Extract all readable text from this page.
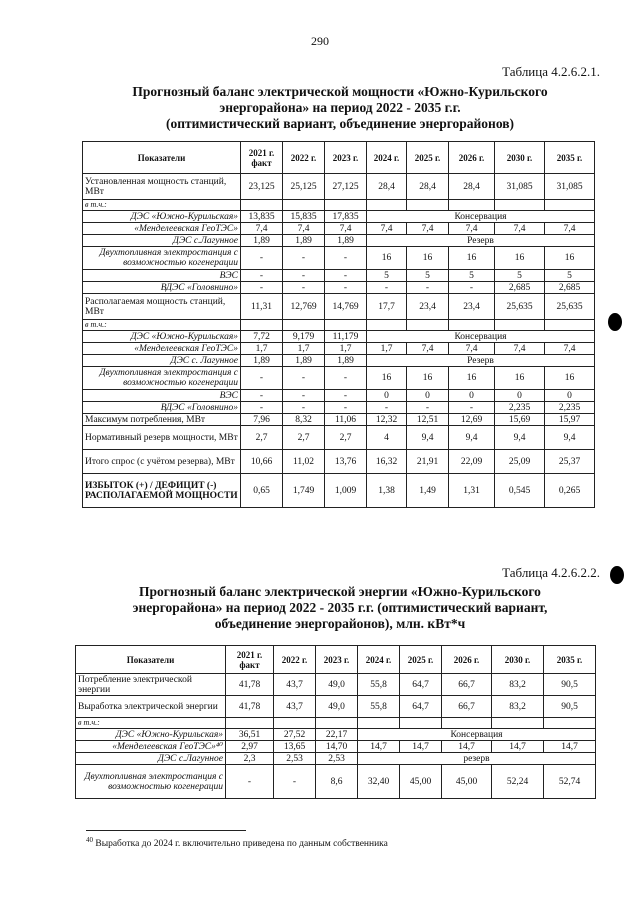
290
Таблица 4.2.6.2.1.
Прогнозный баланс электрической мощности «Южно-Курильского
энергорайона» на период 2022 - 2035 г.г.
(оптимистический вариант, объединение энергорайонов)
Показатели	2021 г. факт	2022 г.	2023 г.	2024 г.	2025 г.	2026 г.	2030 г.	2035 г.
Установленная мощность станций, МВт	23,125	25,125	27,125	28,4	28,4	28,4	31,085	31,085
в т.ч.:								
ДЭС «Южно-Курильская»	13,835	15,835	17,835	Консервация				
«Менделеевская ГеоТЭС»	7,4	7,4	7,4	7,4	7,4	7,4	7,4	7,4
ДЭС с.Лагунное	1,89	1,89	1,89	Резерв				
Двухтопливная электростанция с возможностью когенерации	-	-	-	16	16	16	16	16
ВЭС	-	-	-	5	5	5	5	5
ВДЭС «Головнино»	-	-	-	-	-	-	2,685	2,685
Располагаемая мощность станций, МВт	11,31	12,769	14,769	17,7	23,4	23,4	25,635	25,635
в т.ч.:								
ДЭС «Южно-Курильская»	7,72	9,179	11,179	Консервация				
«Менделеевская ГеоТЭС»	1,7	1,7	1,7	1,7	7,4	7,4	7,4	7,4
ДЭС с. Лагунное	1,89	1,89	1,89	Резерв				
Двухтопливная электростанция с возможностью когенерации	-	-	-	16	16	16	16	16
ВЭС	-	-	-	0	0	0	0	0
ВДЭС «Головнино»	-	-	-	-	-	-	2,235	2,235
Максимум потребления, МВт	7,96	8,32	11,06	12,32	12,51	12,69	15,69	15,97
Нормативный резерв мощности, МВт	2,7	2,7	2,7	4	9,4	9,4	9,4	9,4
Итого спрос (с учётом резерва), МВт	10,66	11,02	13,76	16,32	21,91	22,09	25,09	25,37
ИЗБЫТОК (+) / ДЕФИЦИТ (-) РАСПОЛАГАЕМОЙ МОЩНОСТИ	0,65	1,749	1,009	1,38	1,49	1,31	0,545	0,265
Таблица 4.2.6.2.2.
Прогнозный баланс электрической энергии «Южно-Курильского
энергорайона» на период 2022 - 2035 г.г. (оптимистический вариант,
объединение энергорайонов), млн. кВт*ч
Показатели	2021 г. факт	2022 г.	2023 г.	2024 г.	2025 г.	2026 г.	2030 г.	2035 г.
Потребление электрической энергии	41,78	43,7	49,0	55,8	64,7	66,7	83,2	90,5
Выработка электрической энергии	41,78	43,7	49,0	55,8	64,7	66,7	83,2	90,5
в т.ч.:								
ДЭС «Южно-Курильская»	36,51	27,52	22,17	Консервация				
«Менделеевская ГеоТЭС»⁴⁰	2,97	13,65	14,70	14,7	14,7	14,7	14,7	14,7
ДЭС с.Лагунное	2,3	2,53	2,53	резерв				
Двухтопливная электростанция с возможностью когенерации	-	-	8,6	32,40	45,00	45,00	52,24	52,74
$^{40}$ Выработка до 2024 г. включительно приведена по данным собственника
